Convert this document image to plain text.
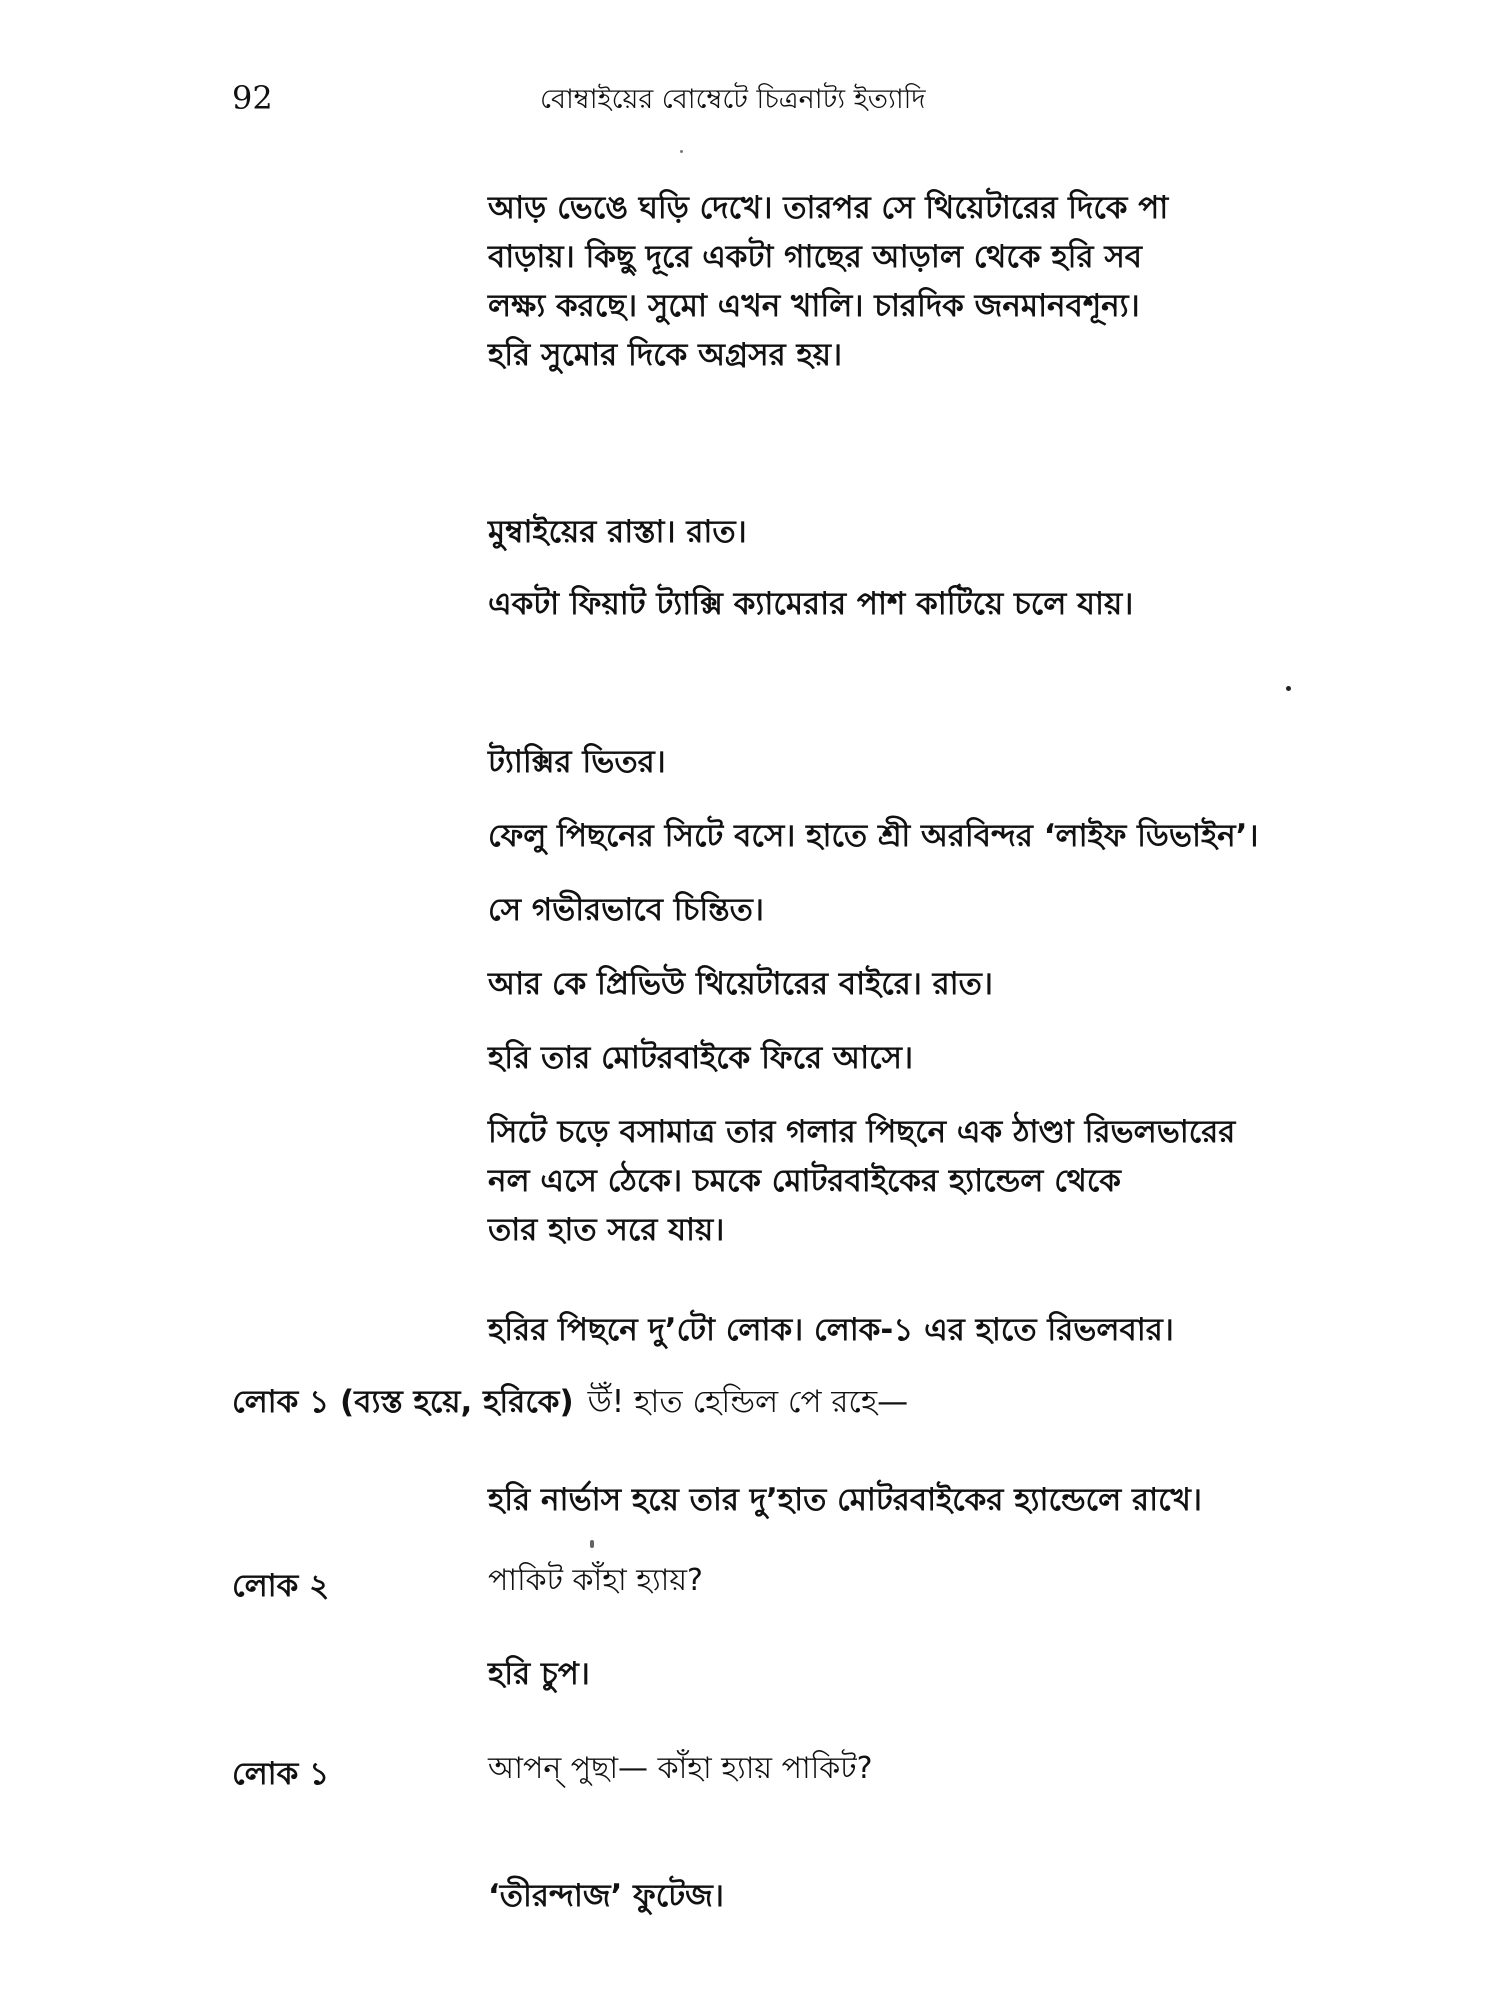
92	বোম্বাইয়ের বোম্বেটে চিত্রনাট্য ইত্যাদি
আড় ভেঙে ঘড়ি দেখে। তারপর সে থিয়েটারের দিকে পা
বাড়ায়। কিছু দূরে একটা গাছের আড়াল থেকে হরি সব
লক্ষ্য করছে। সুমো এখন খালি। চারদিক জনমানবশূন্য।
হরি সুমোর দিকে অগ্রসর হয়।
মুম্বাইয়ের রাস্তা। রাত।
একটা ফিয়াট ট্যাক্সি ক্যামেরার পাশ কাটিয়ে চলে যায়।
ট্যাক্সির ভিতর।
ফেলু পিছনের সিটে বসে। হাতে শ্রী অরবিন্দর ‘লাইফ ডিভাইন’।
সে গভীরভাবে চিন্তিত।
আর কে প্রিভিউ থিয়েটারের বাইরে। রাত।
হরি তার মোটরবাইকে ফিরে আসে।
সিটে চড়ে বসামাত্র তার গলার পিছনে এক ঠাণ্ডা রিভলভারের
নল এসে ঠেকে। চমকে মোটরবাইকের হ্যান্ডেল থেকে
তার হাত সরে যায়।
হরির পিছনে দু’টো লোক। লোক-১ এর হাতে রিভলবার।
লোক ১ (ব্যস্ত হয়ে, হরিকে) উঁ! হাত হেন্ডিল পে রহে—
হরি নার্ভাস হয়ে তার দু’হাত মোটরবাইকের হ্যান্ডেলে রাখে।
লোক ২	পাকিট কাঁহা হ্যায়?
হরি চুপ।
লোক ১	আপন্ পুছা— কাঁহা হ্যায় পাকিট?
‘তীরন্দাজ’ ফুটেজ।
